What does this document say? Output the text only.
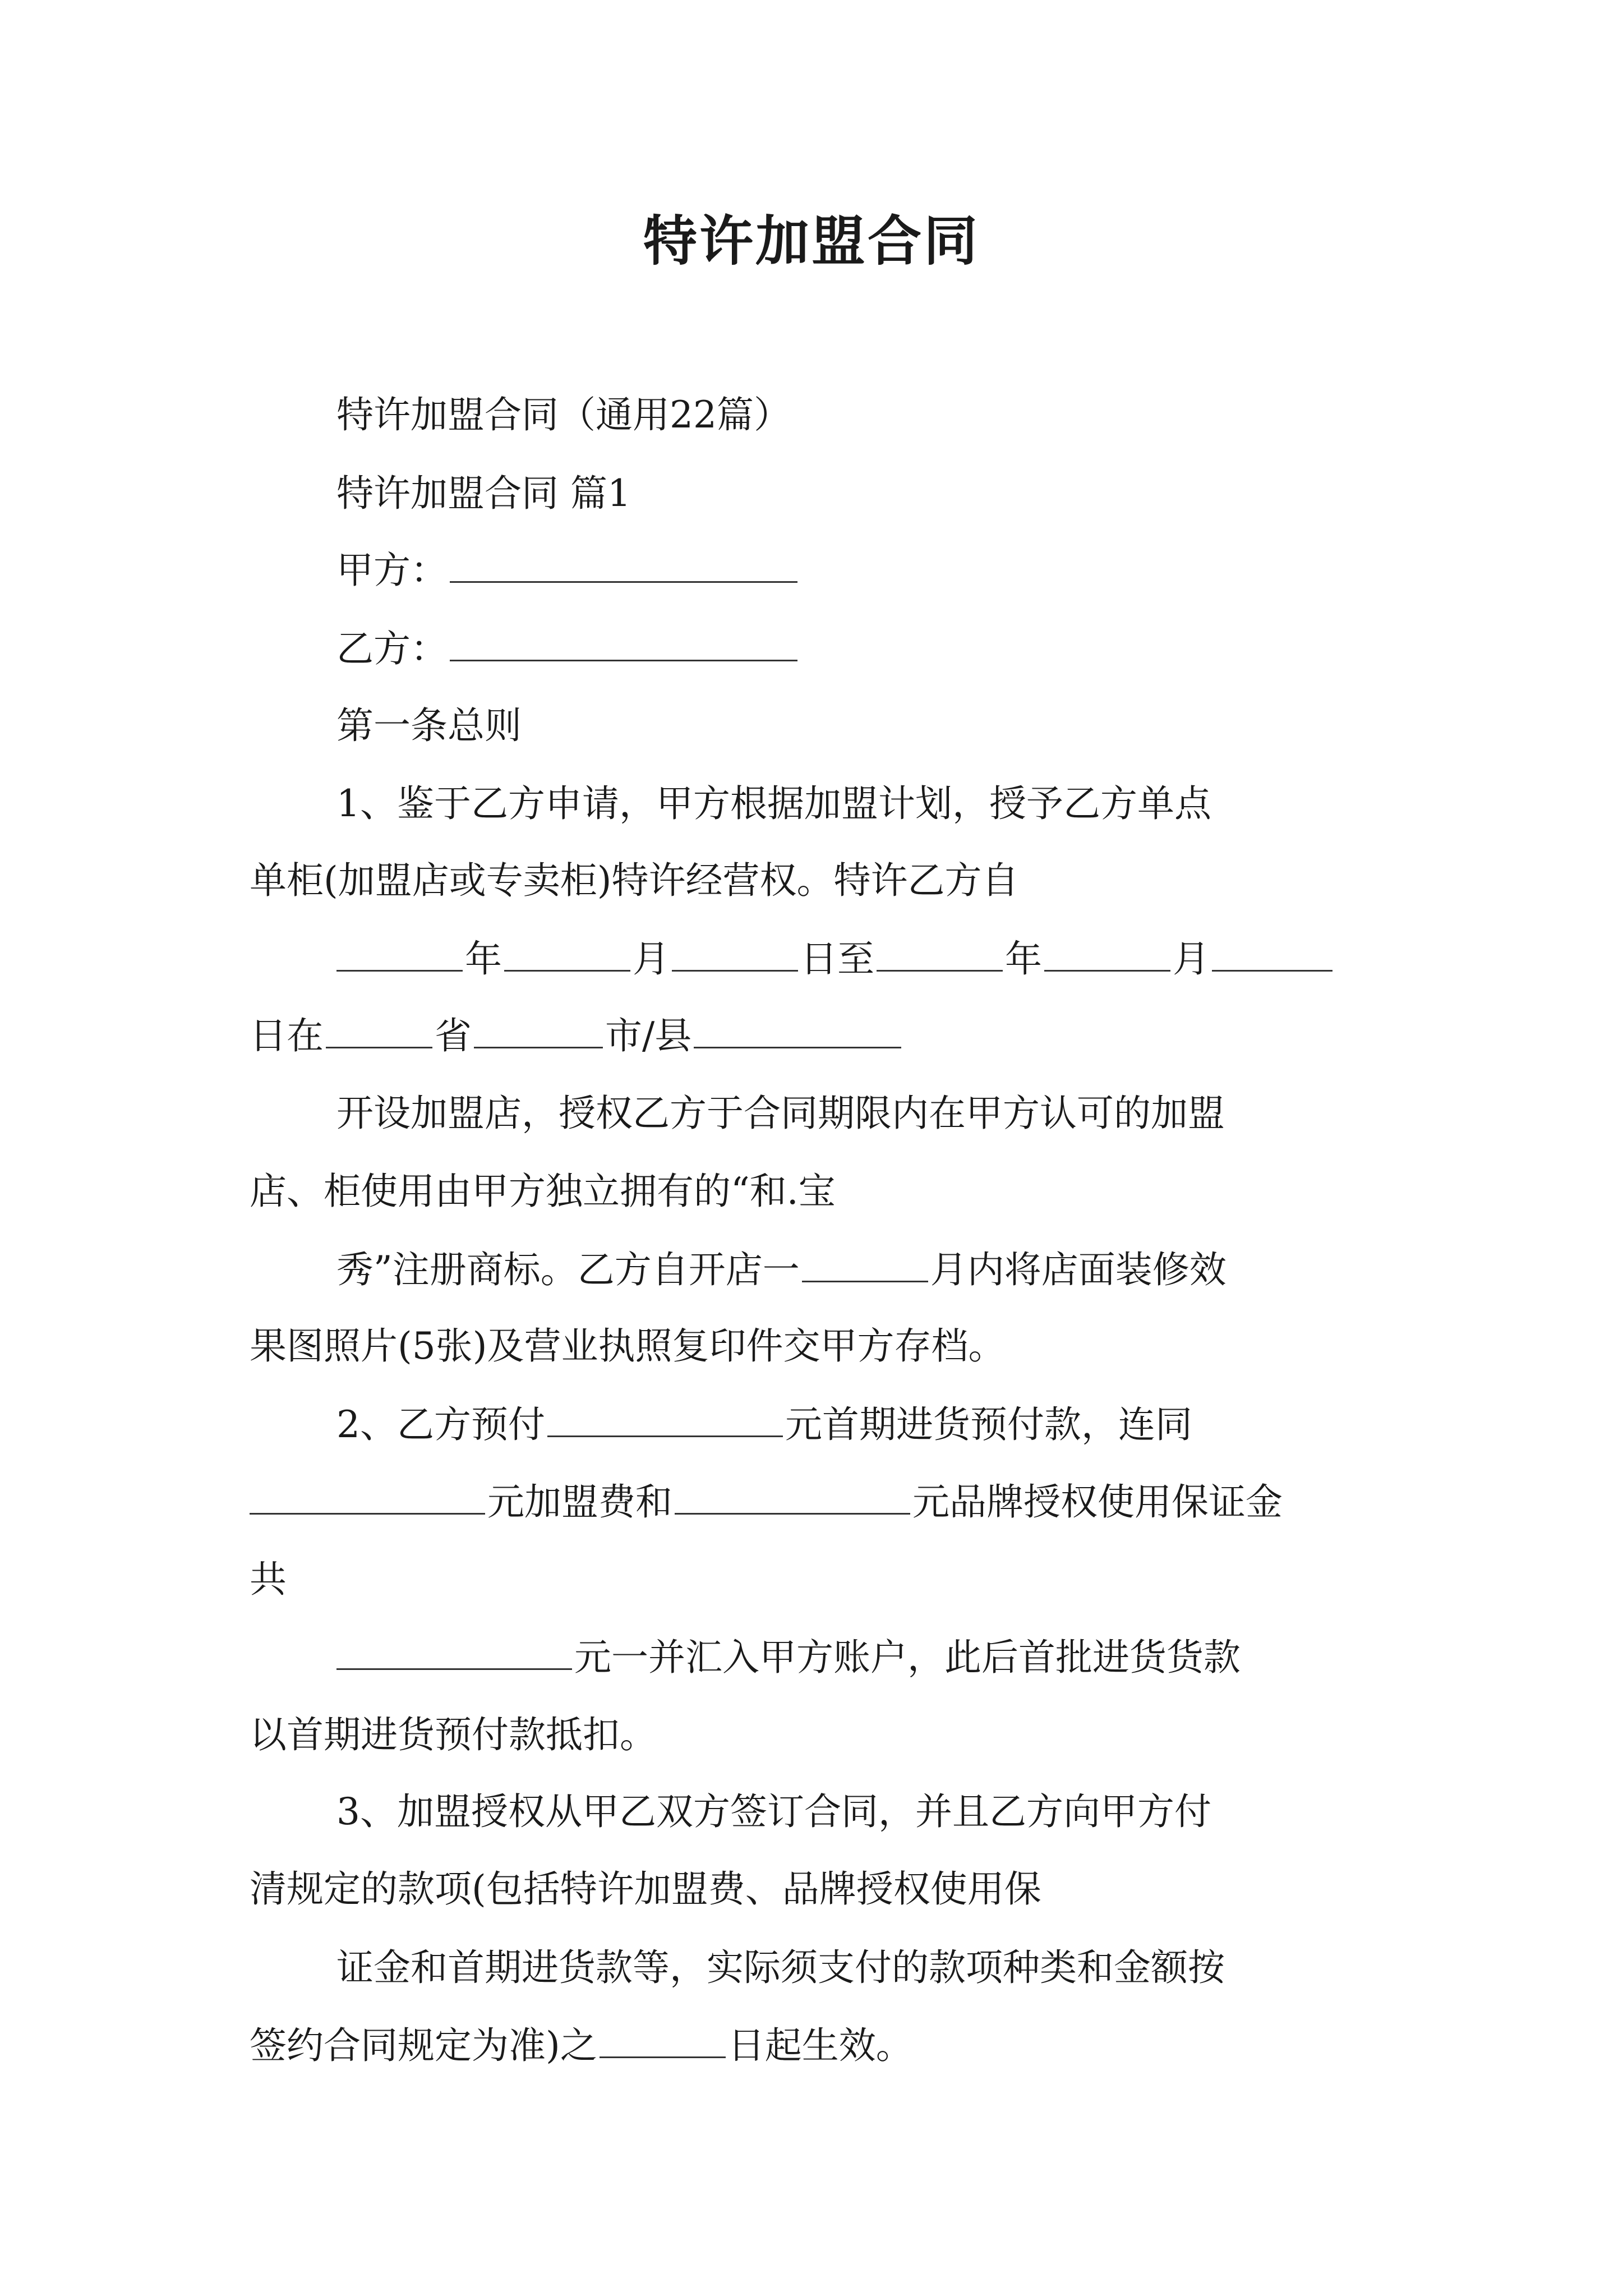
特许加盟合同
特许加盟合同（通用22篇）
特许加盟合同 篇1
甲方：
乙方：
第一条总则
1、鉴于乙方申请，甲方根据加盟计划，授予乙方单点
单柜(加盟店或专卖柜)特许经营权。特许乙方自
年	月	日至	年	月
日在	省	市/县
开设加盟店，授权乙方于合同期限内在甲方认可的加盟
店、柜使用由甲方独立拥有的“和.宝
秀”注册商标。乙方自开店一	月内将店面装修效
果图照片(5张)及营业执照复印件交甲方存档。
2、乙方预付	元首期进货预付款，连同
元加盟费和	元品牌授权使用保证金
共
元一并汇入甲方账户，此后首批进货货款
以首期进货预付款抵扣。
3、加盟授权从甲乙双方签订合同，并且乙方向甲方付
清规定的款项(包括特许加盟费、品牌授权使用保
证金和首期进货款等，实际须支付的款项种类和金额按
签约合同规定为准)之	日起生效。
